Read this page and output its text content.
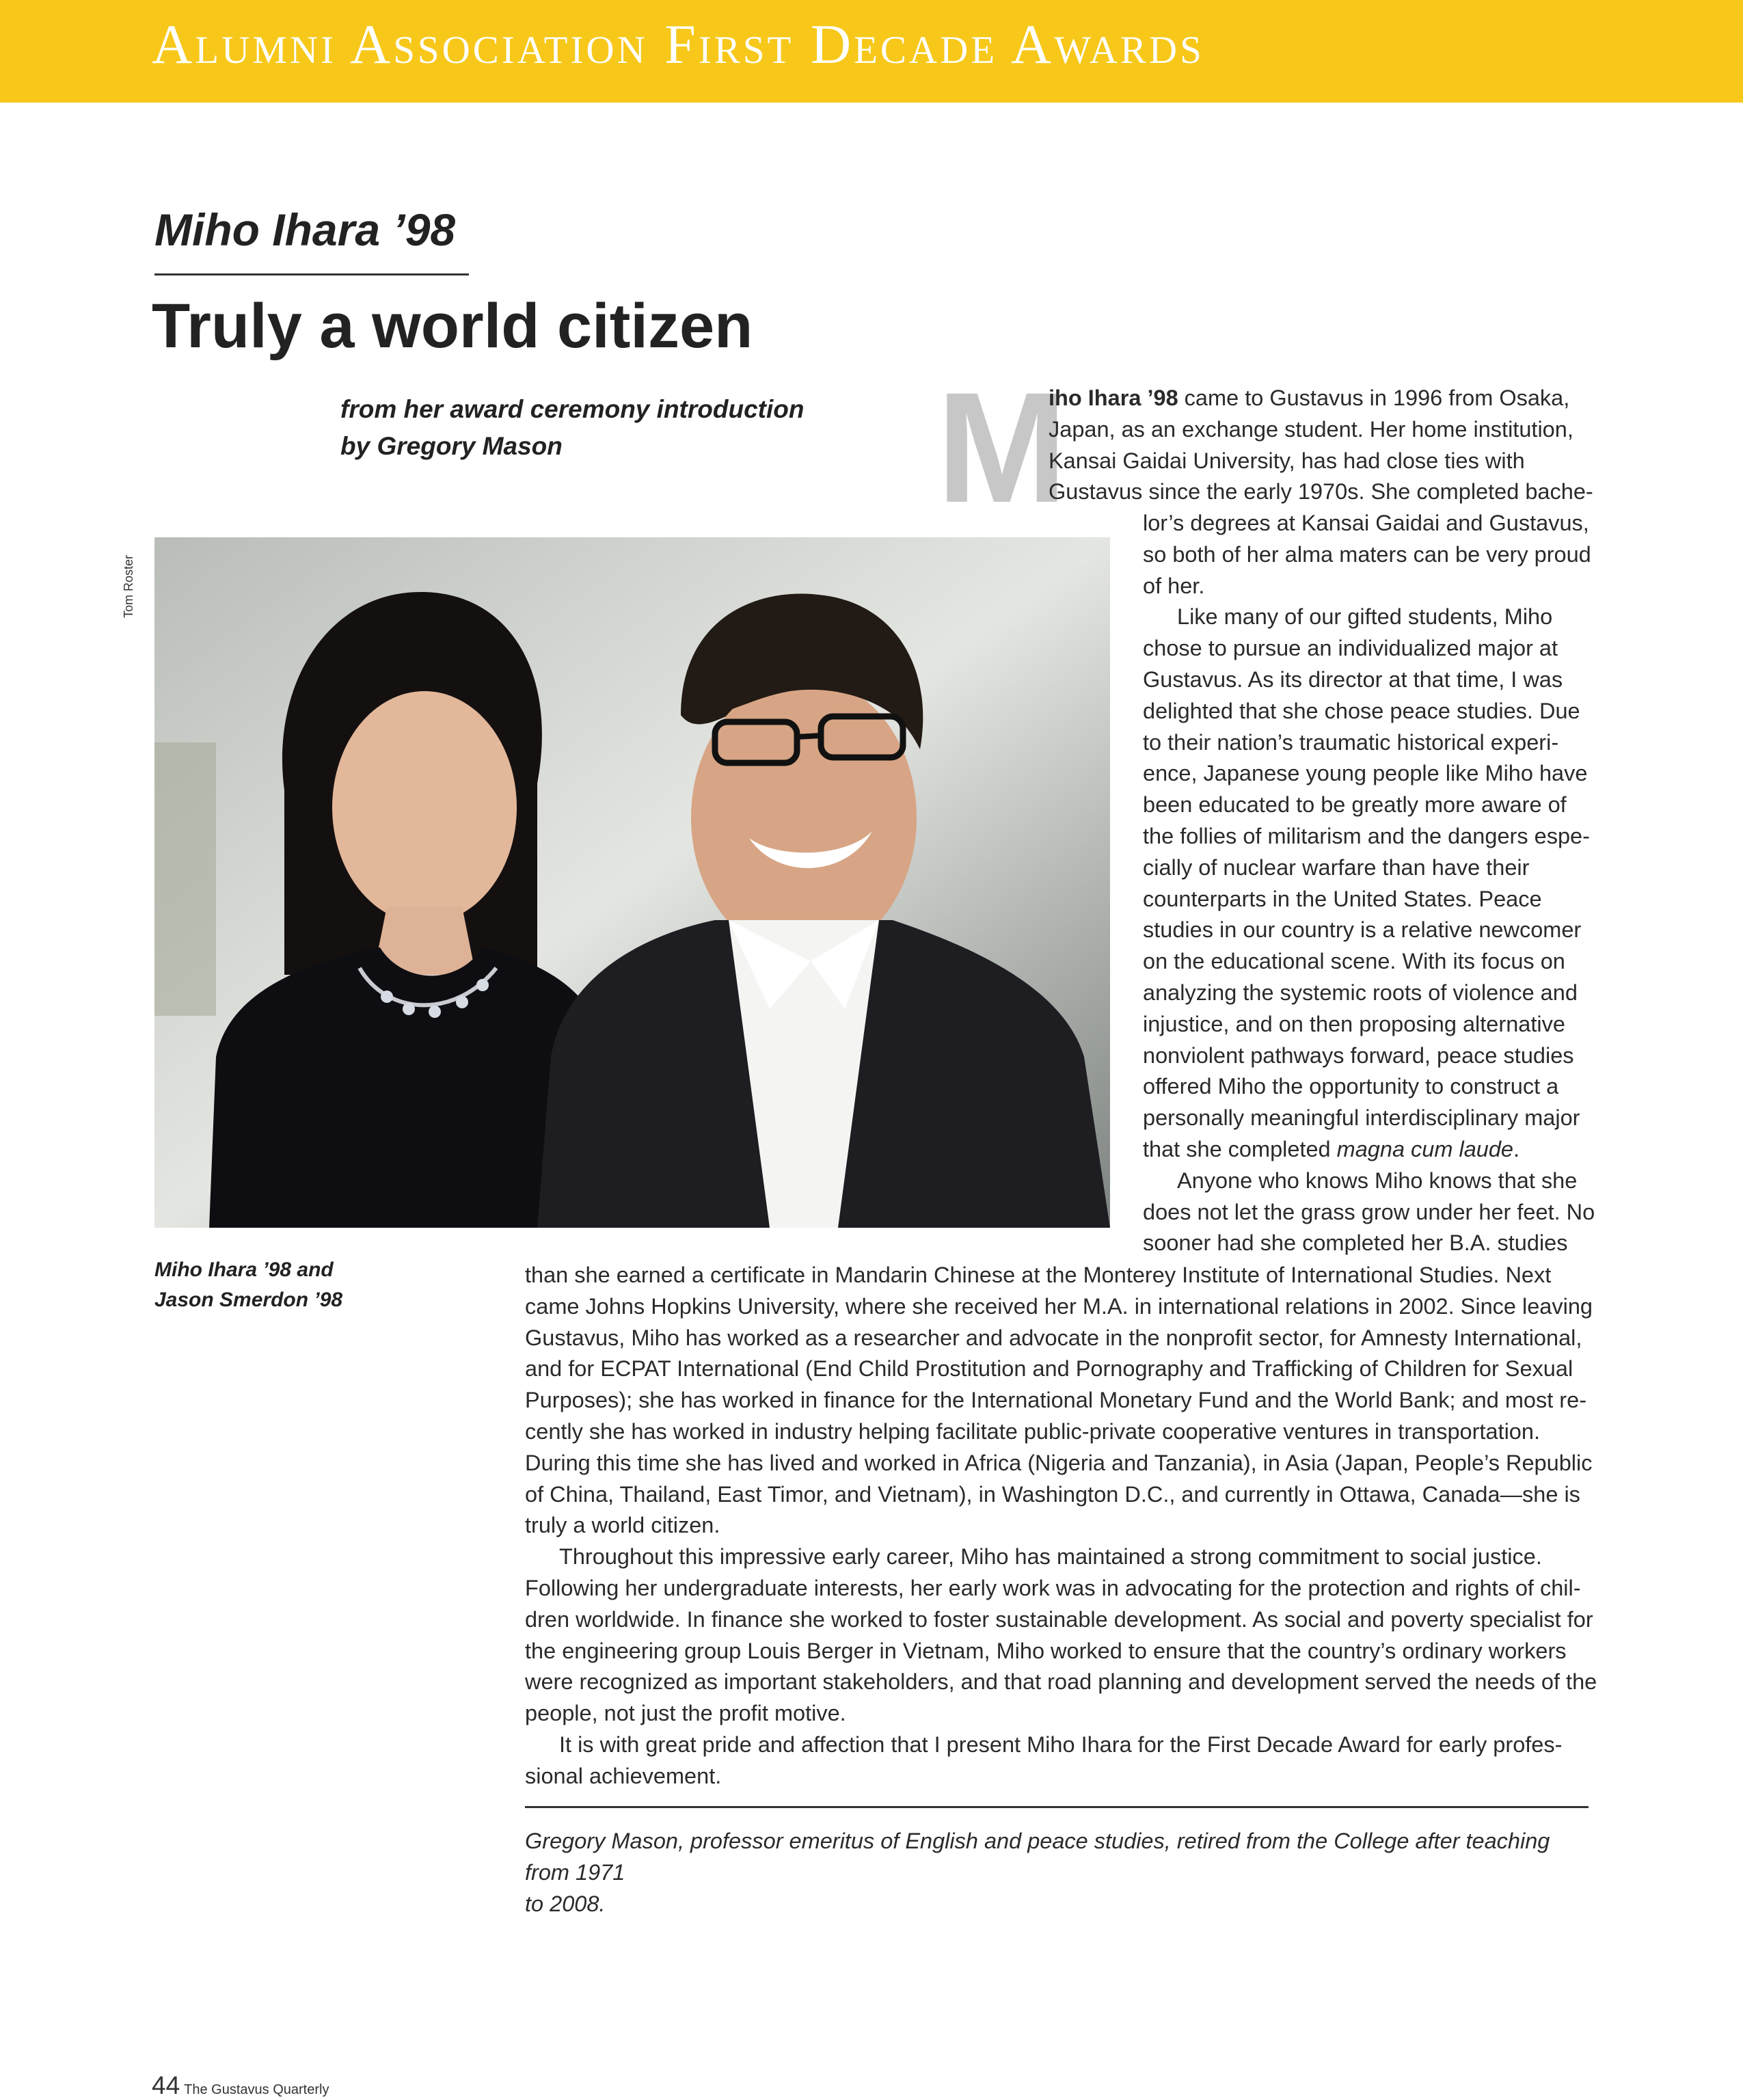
Alumni Association First Decade Awards
Miho Ihara ’98
Truly a world citizen
from her award ceremony introduction
by Gregory Mason
Tom Roster
Miho Ihara ’98 and
Jason Smerdon ’98
M
iho Ihara ’98 came to Gustavus in 1996 from Osaka,
Japan, as an exchange student. Her home institution,
Kansai Gaidai University, has had close ties with
Gustavus since the early 1970s. She completed bache-
lor’s degrees at Kansai Gaidai and Gustavus,
so both of her alma maters can be very proud
of her.
Like many of our gifted students, Miho
chose to pursue an individualized major at
Gustavus. As its director at that time, I was
delighted that she chose peace studies. Due
to their nation’s traumatic historical experi-
ence, Japanese young people like Miho have
been educated to be greatly more aware of
the follies of militarism and the dangers espe-
cially of nuclear warfare than have their
counterparts in the United States. Peace
studies in our country is a relative newcomer
on the educational scene. With its focus on
analyzing the systemic roots of violence and
injustice, and on then proposing alternative
nonviolent pathways forward, peace studies
offered Miho the opportunity to construct a
personally meaningful interdisciplinary major
that she completed magna cum laude.
Anyone who knows Miho knows that she
does not let the grass grow under her feet. No
sooner had she completed her B.A. studies
than she earned a certificate in Mandarin Chinese at the Monterey Institute of International Studies. Next
came Johns Hopkins University, where she received her M.A. in international relations in 2002. Since leaving
Gustavus, Miho has worked as a researcher and advocate in the nonprofit sector, for Amnesty International,
and for ECPAT International (End Child Prostitution and Pornography and Trafficking of Children for Sexual
Purposes); she has worked in finance for the International Monetary Fund and the World Bank; and most re-
cently she has worked in industry helping facilitate public-private cooperative ventures in transportation.
During this time she has lived and worked in Africa (Nigeria and Tanzania), in Asia (Japan, People’s Republic
of China, Thailand, East Timor, and Vietnam), in Washington D.C., and currently in Ottawa, Canada—she is
truly a world citizen.
Throughout this impressive early career, Miho has maintained a strong commitment to social justice.
Following her undergraduate interests, her early work was in advocating for the protection and rights of chil-
dren worldwide. In finance she worked to foster sustainable development. As social and poverty specialist for
the engineering group Louis Berger in Vietnam, Miho worked to ensure that the country’s ordinary workers
were recognized as important stakeholders, and that road planning and development served the needs of the
people, not just the profit motive.
It is with great pride and affection that I present Miho Ihara for the First Decade Award for early profes-
sional achievement.
Gregory Mason, professor emeritus of English and peace studies, retired from the College after teaching from 1971
to 2008.
44 The Gustavus Quarterly
